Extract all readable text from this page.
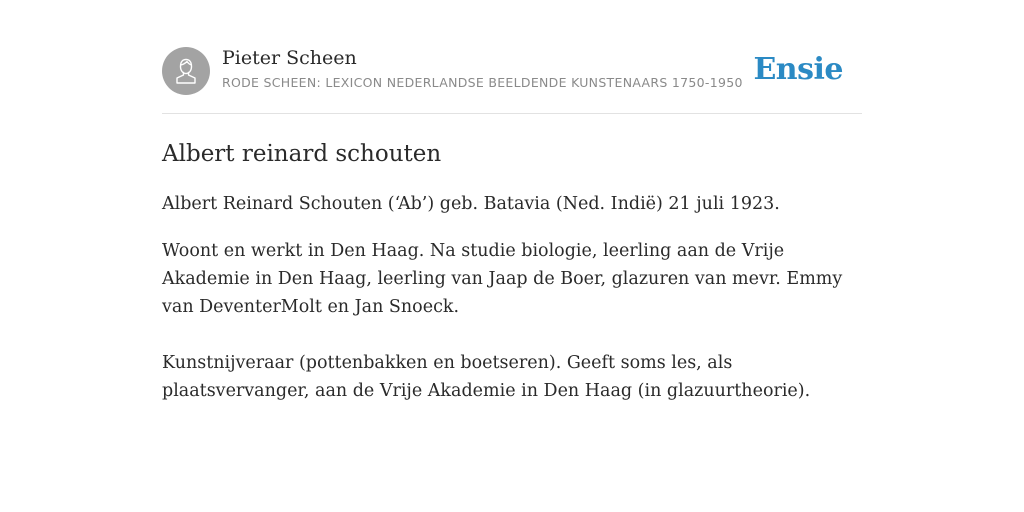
Pieter Scheen
RODE SCHEEN: LEXICON NEDERLANDSE BEELDENDE KUNSTENAARS 1750-1950 Ensie
Albert reinard schouten

Albert Reinard Schouten (‘Ab’) geb. Batavia (Ned. Indië) 21 juli 1923.

Woont en werkt in Den Haag. Na studie biologie, leerling aan de Vrije Akademie in Den Haag, leerling van Jaap de Boer, glazuren van mevr. Emmy van DeventerMolt en Jan Snoeck.

Kunstnijveraar (pottenbakken en boetseren). Geeft soms les, als plaatsvervanger, aan de Vrije Akademie in Den Haag (in glazuurtheorie).
